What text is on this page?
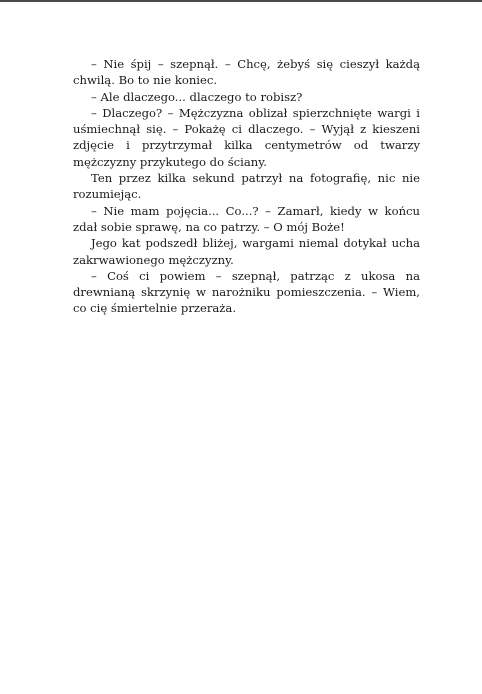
– Nie śpij – szepnął. – Chcę, żebyś się cieszył każdą chwilą. Bo to nie koniec.

– Ale dlaczego... dlaczego to robisz?

– Dlaczego? – Mężczyzna oblizał spierzchnięte wargi i uśmiechnął się. – Pokażę ci dlaczego. – Wyjął z kieszeni zdjęcie i przytrzymał kilka centymetrów od twarzy mężczyzny przykutego do ściany.

Ten przez kilka sekund patrzył na fotografię, nic nie rozumiejąc.

– Nie mam pojęcia... Co...? – Zamarł, kiedy w końcu zdał sobie sprawę, na co patrzy. – O mój Boże!

Jego kat podszedł bliżej, wargami niemal dotykał ucha zakrwawionego mężczyzny.

– Coś ci powiem – szepnął, patrząc z ukosa na drewnianą skrzynię w narożniku pomieszczenia. – Wiem, co cię śmiertelnie przeraża.
